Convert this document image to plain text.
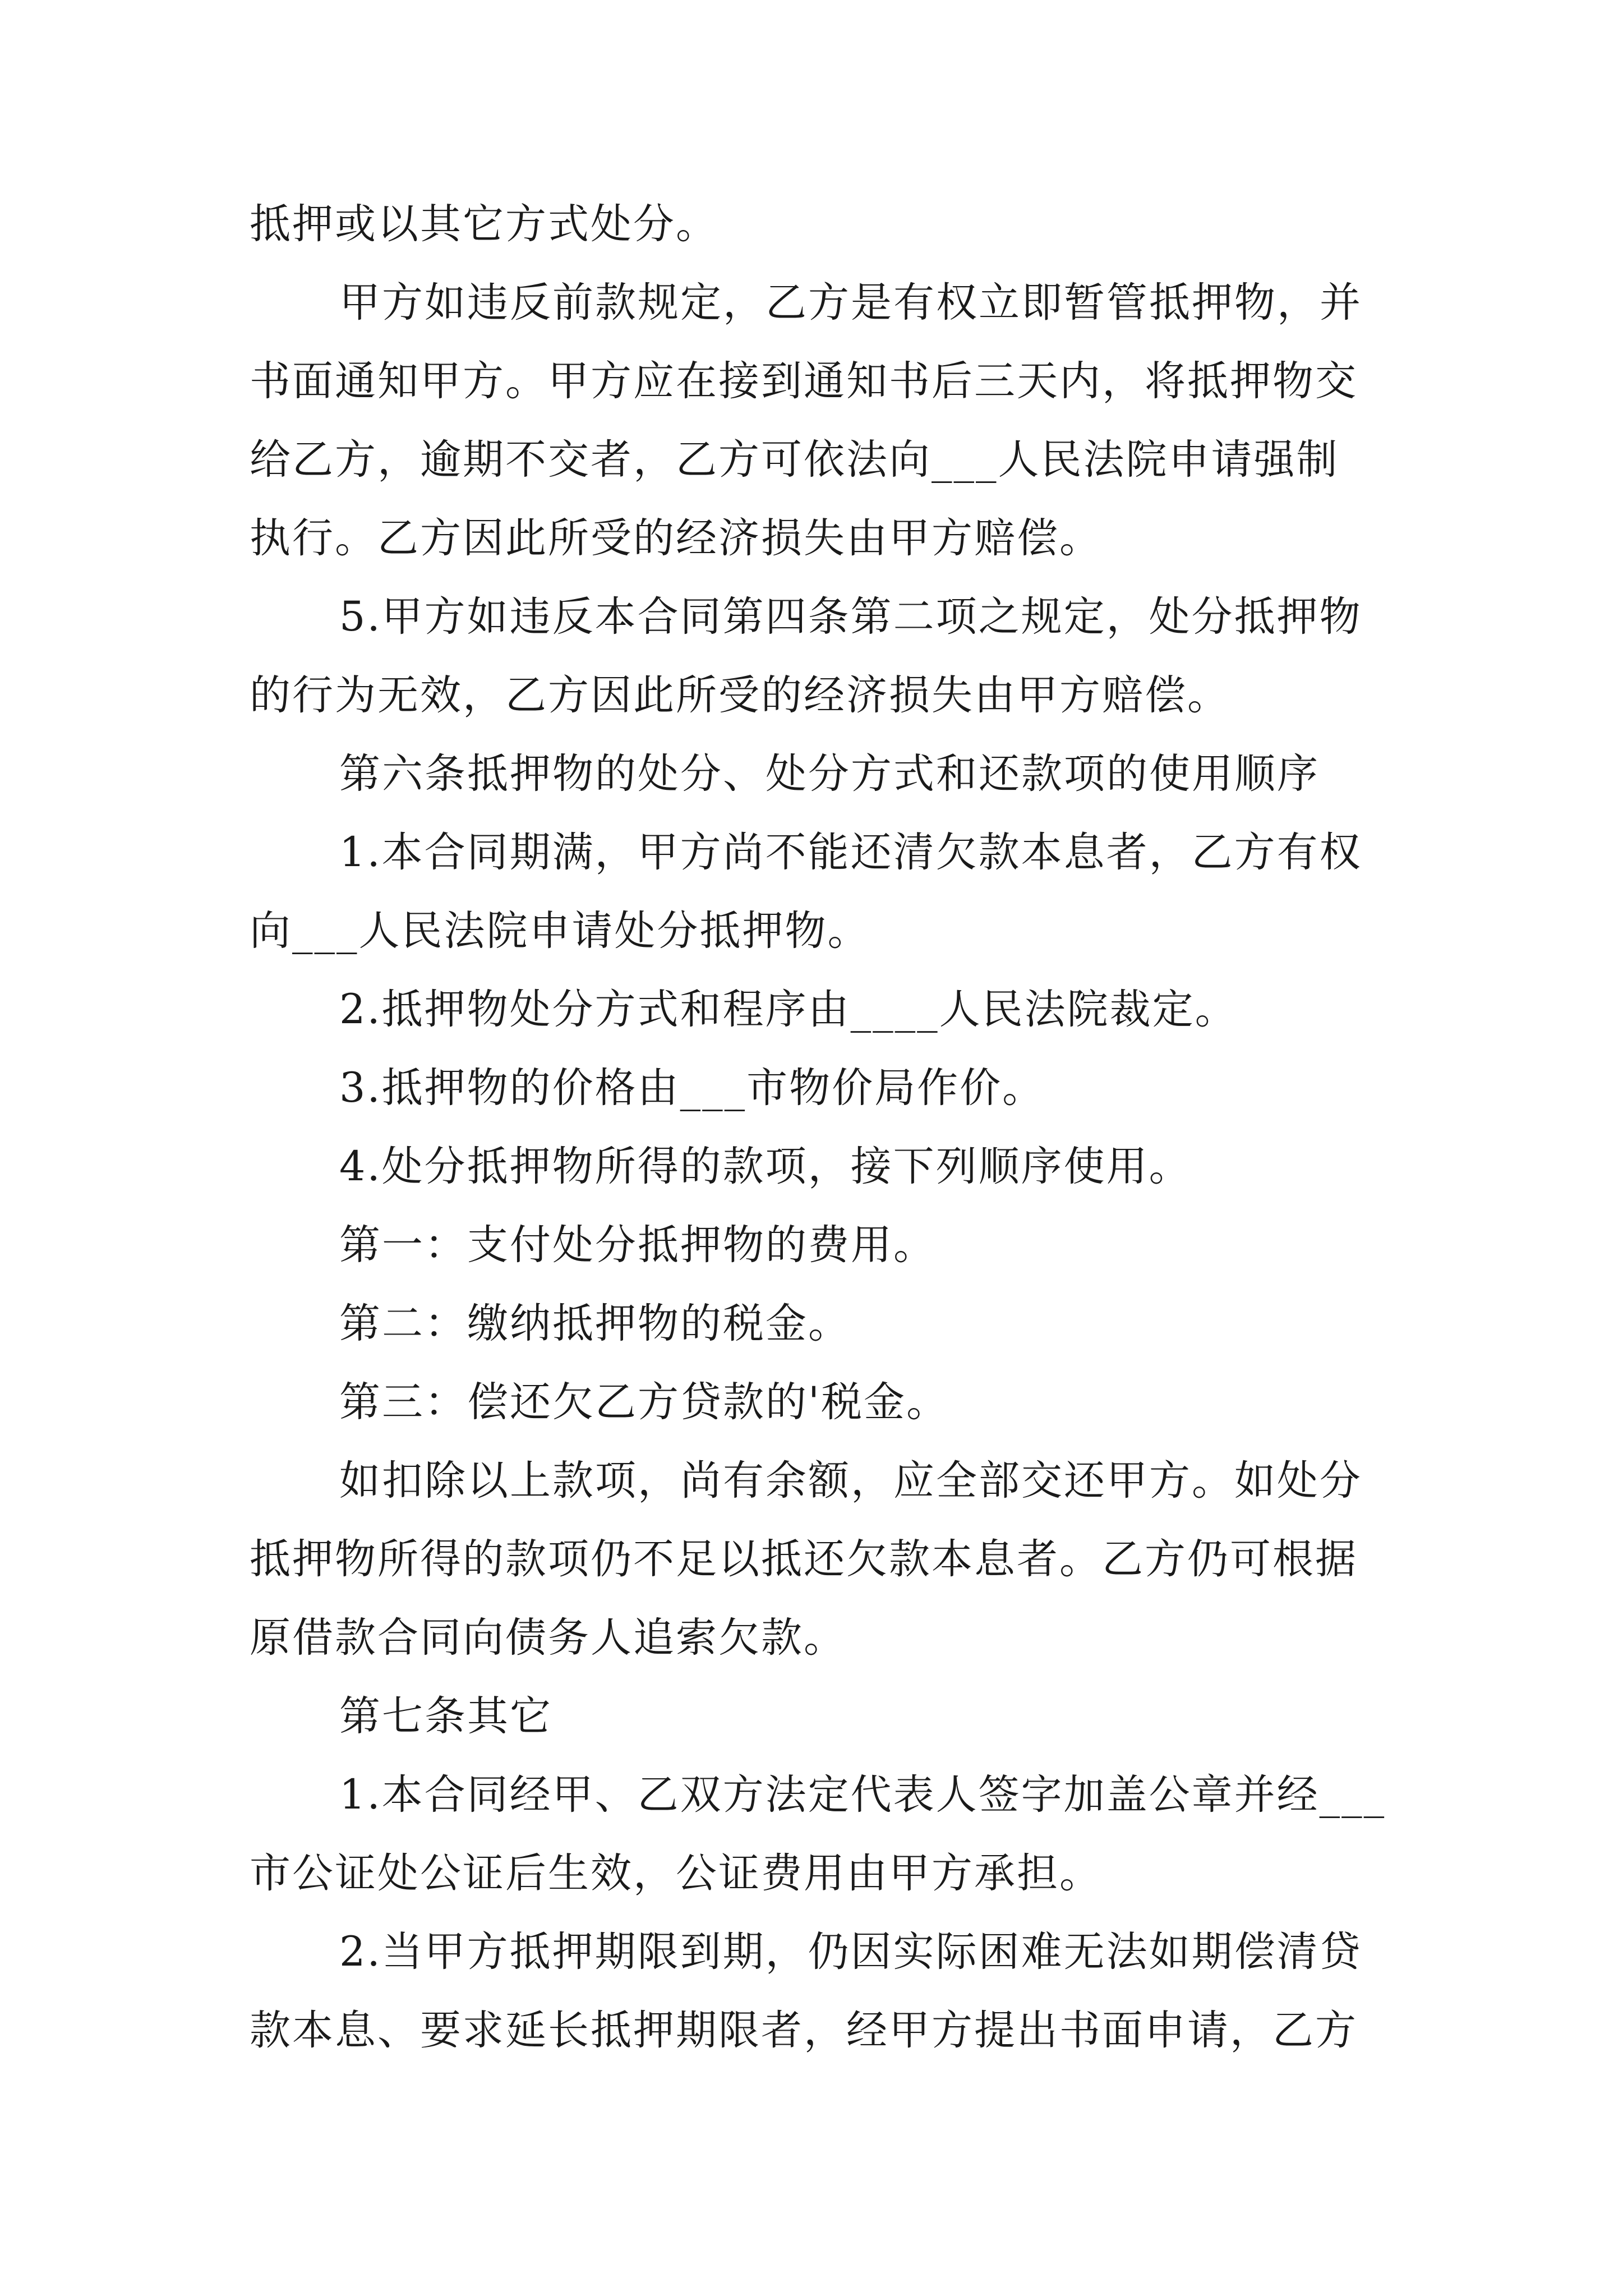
抵押或以其它方式处分。
甲方如违反前款规定，乙方是有权立即暂管抵押物，并
书面通知甲方。甲方应在接到通知书后三天内，将抵押物交
给乙方，逾期不交者，乙方可依法向___人民法院申请强制
执行。乙方因此所受的经济损失由甲方赔偿。
5.甲方如违反本合同第四条第二项之规定，处分抵押物
的行为无效，乙方因此所受的经济损失由甲方赔偿。
第六条抵押物的处分、处分方式和还款项的使用顺序
1.本合同期满，甲方尚不能还清欠款本息者，乙方有权
向___人民法院申请处分抵押物。
2.抵押物处分方式和程序由____人民法院裁定。
3.抵押物的价格由___市物价局作价。
4.处分抵押物所得的款项，接下列顺序使用。
第一：支付处分抵押物的费用。
第二：缴纳抵押物的税金。
第三：偿还欠乙方贷款的'税金。
如扣除以上款项，尚有余额，应全部交还甲方。如处分
抵押物所得的款项仍不足以抵还欠款本息者。乙方仍可根据
原借款合同向债务人追索欠款。
第七条其它
1.本合同经甲、乙双方法定代表人签字加盖公章并经___
市公证处公证后生效，公证费用由甲方承担。
2.当甲方抵押期限到期，仍因实际困难无法如期偿清贷
款本息、要求延长抵押期限者，经甲方提出书面申请，乙方
